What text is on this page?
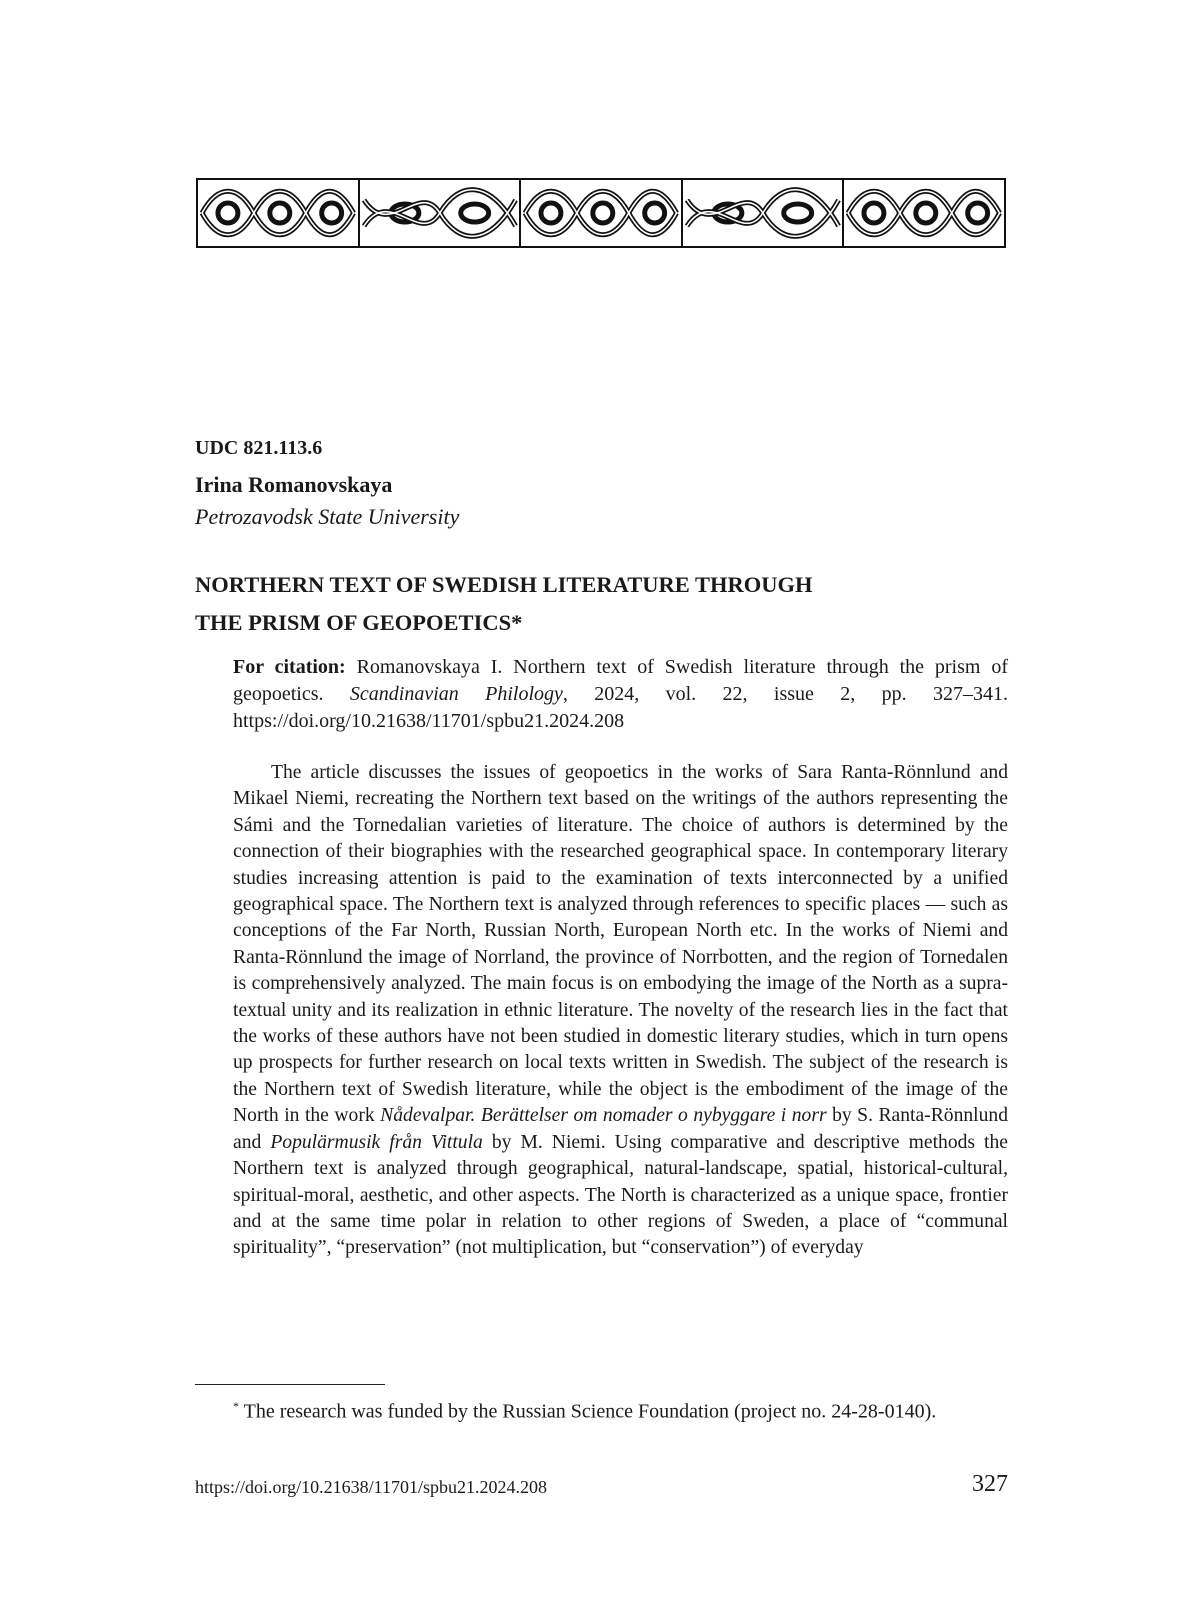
UDC 821.113.6
Irina Romanovskaya
Petrozavodsk State University
NORTHERN TEXT OF SWEDISH LITERATURE THROUGH
THE PRISM OF GEOPOETICS*
For citation: Romanovskaya I. Northern text of Swedish literature through the prism of geopoetics. Scandinavian Philology, 2024, vol. 22, issue 2, pp. 327–341. https://doi.org/10.21638/11701/spbu21.2024.208
The article discusses the issues of geopoetics in the works of Sara Ranta-Rönnlund and Mikael Niemi, recreating the Northern text based on the writings of the authors representing the Sámi and the Tornedalian varieties of literature. The choice of authors is determined by the connection of their biographies with the researched geographical space. In contemporary literary studies increasing attention is paid to the examination of texts interconnected by a unified geographical space. The Northern text is analyzed through references to specific places — such as conceptions of the Far North, Russian North, European North etc. In the works of Niemi and Ranta-Rönnlund the image of Norrland, the province of Norrbotten, and the region of Tornedalen is comprehensively analyzed. The main focus is on embodying the image of the North as a supra-textual unity and its realization in ethnic literature. The novelty of the research lies in the fact that the works of these authors have not been studied in domestic literary studies, which in turn opens up prospects for further research on local texts written in Swedish. The subject of the research is the Northern text of Swedish literature, while the object is the embodiment of the image of the North in the work Nådevalpar. Berättelser om nomader o nybyggare i norr by S. Ranta-Rönnlund and Populärmusik från Vittula by M. Niemi. Using comparative and descriptive methods the Northern text is analyzed through geographical, natural-landscape, spatial, historical-cultural, spiritual-moral, aesthetic, and other aspects. The North is characterized as a unique space, frontier and at the same time polar in relation to other regions of Sweden, a place of “communal spirituality”, “preservation” (not multiplication, but “conservation”) of everyday
* The research was funded by the Russian Science Foundation (project no. 24-28-0140).
https://doi.org/10.21638/11701/spbu21.2024.208	327
